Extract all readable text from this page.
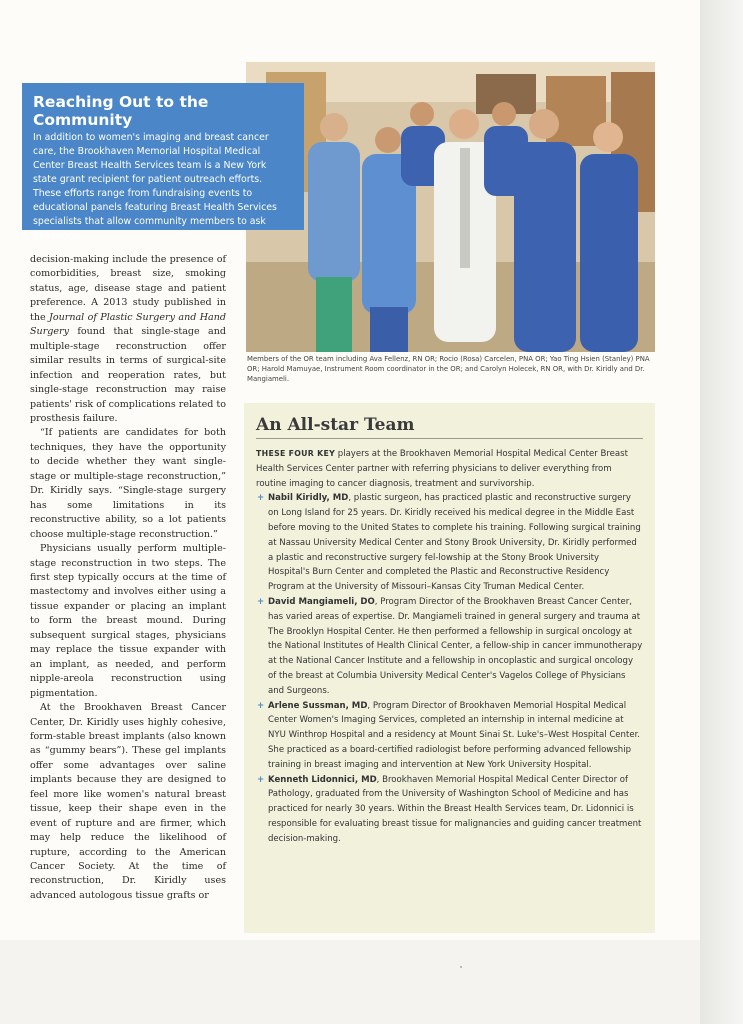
Reaching Out to the Community

In addition to women's imaging and breast cancer care, the Brookhaven Memorial Hospital Medical Center Breast Health Services team is a New York state grant recipient for patient outreach efforts. These efforts range from fundraising events to educational panels featuring Breast Health Services specialists that allow community members to ask questions.

Members of the OR team including Ava Fellenz, RN OR; Rocio (Rosa) Carcelen, PNA OR; Yao Ting Hsien (Stanley) PNA OR; Harold Mamuyae, Instrument Room coordinator in the OR; and Carolyn Holecek, RN OR, with Dr. Kiridly and Dr. Mangiameli.

decision-making include the presence of comorbidities, breast size, smoking status, age, disease stage and patient preference. A 2013 study published in the Journal of Plastic Surgery and Hand Surgery found that single-stage and multiple-stage reconstruction offer similar results in terms of surgical-site infection and reoperation rates, but single-stage reconstruction may raise patients' risk of complications related to prosthesis failure.

“If patients are candidates for both techniques, they have the opportunity to decide whether they want single-stage or multiple-stage reconstruction,” Dr. Kiridly says. “Single-stage surgery has some limitations in its reconstructive ability, so a lot patients choose multiple-stage reconstruction.”

Physicians usually perform multiple-stage reconstruction in two steps. The first step typically occurs at the time of mastectomy and involves either using a tissue expander or placing an implant to form the breast mound. During subsequent surgical stages, physicians may replace the tissue expander with an implant, as needed, and perform nipple-areola reconstruction using pigmentation.

At the Brookhaven Breast Cancer Center, Dr. Kiridly uses highly cohesive, form-stable breast implants (also known as “gummy bears”). These gel implants offer some advantages over saline implants because they are designed to feel more like women's natural breast tissue, keep their shape even in the event of rupture and are firmer, which may help reduce the likelihood of rupture, according to the American Cancer Society. At the time of reconstruction, Dr. Kiridly uses advanced autologous tissue grafts or

An All-star Team

THESE FOUR KEY players at the Brookhaven Memorial Hospital Medical Center Breast Health Services Center partner with referring physicians to deliver everything from routine imaging to cancer diagnosis, treatment and survivorship.

+ Nabil Kiridly, MD, plastic surgeon, has practiced plastic and reconstructive surgery on Long Island for 25 years. Dr. Kiridly received his medical degree in the Middle East before moving to the United States to complete his training. Following surgical training at Nassau University Medical Center and Stony Brook University, Dr. Kiridly performed a plastic and reconstructive surgery fel-lowship at the Stony Brook University Hospital's Burn Center and completed the Plastic and Reconstructive Residency Program at the University of Missouri–Kansas City Truman Medical Center.

+ David Mangiameli, DO, Program Director of the Brookhaven Breast Cancer Center, has varied areas of expertise. Dr. Mangiameli trained in general surgery and trauma at The Brooklyn Hospital Center. He then performed a fellowship in surgical oncology at the National Institutes of Health Clinical Center, a fellow-ship in cancer immunotherapy at the National Cancer Institute and a fellowship in oncoplastic and surgical oncology of the breast at Columbia University Medical Center's Vagelos College of Physicians and Surgeons.

+ Arlene Sussman, MD, Program Director of Brookhaven Memorial Hospital Medical Center Women's Imaging Services, completed an internship in internal medicine at NYU Winthrop Hospital and a residency at Mount Sinai St. Luke's–West Hospital Center. She practiced as a board-certified radiologist before performing advanced fellowship training in breast imaging and intervention at New York University Hospital.

+ Kenneth Lidonnici, MD, Brookhaven Memorial Hospital Medical Center Director of Pathology, graduated from the University of Washington School of Medicine and has practiced for nearly 30 years. Within the Breast Health Services team, Dr. Lidonnici is responsible for evaluating breast tissue for malignancies and guiding cancer treatment decision-making.
